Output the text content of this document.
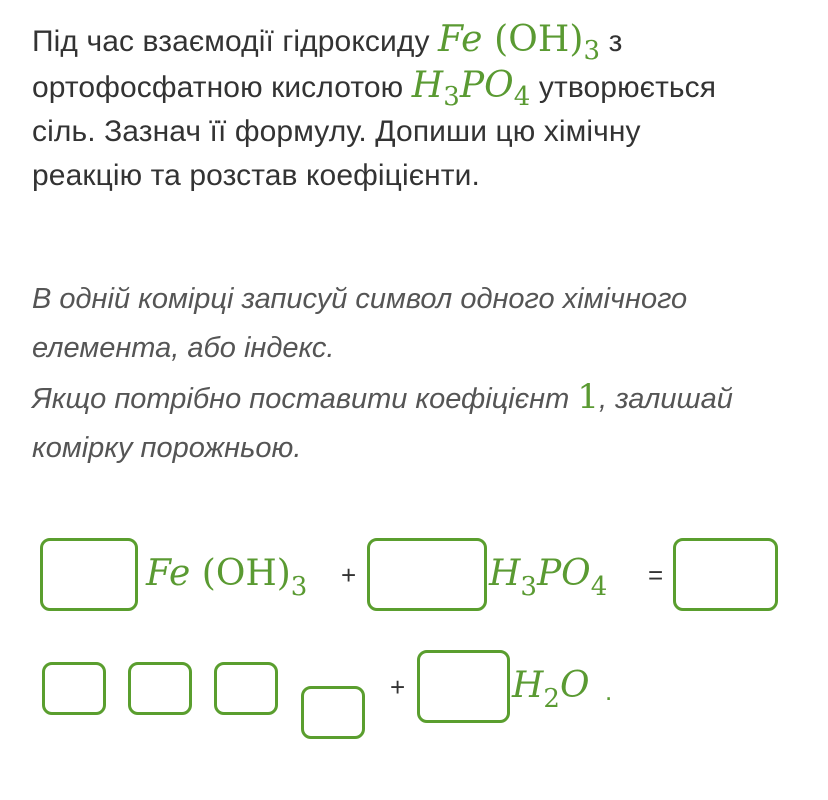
Під час взаємодії гідроксиду Fe $(OH)_3$ з
ортофосфатною кислотою $H_3PO_4$ утворюється
сіль. Зазнач її формулу. Допиши цю хімічну
реакцію та розстав коефіцієнти.
В одній комірці записуй символ одного хімічного
елемента, або індекс.
Якщо потрібно поставити коефіцієнт 1, залишай
комірку порожньою.
Fe $(OH)_3$ +	$H_3PO_4$ =
+	$H_2O$ .
